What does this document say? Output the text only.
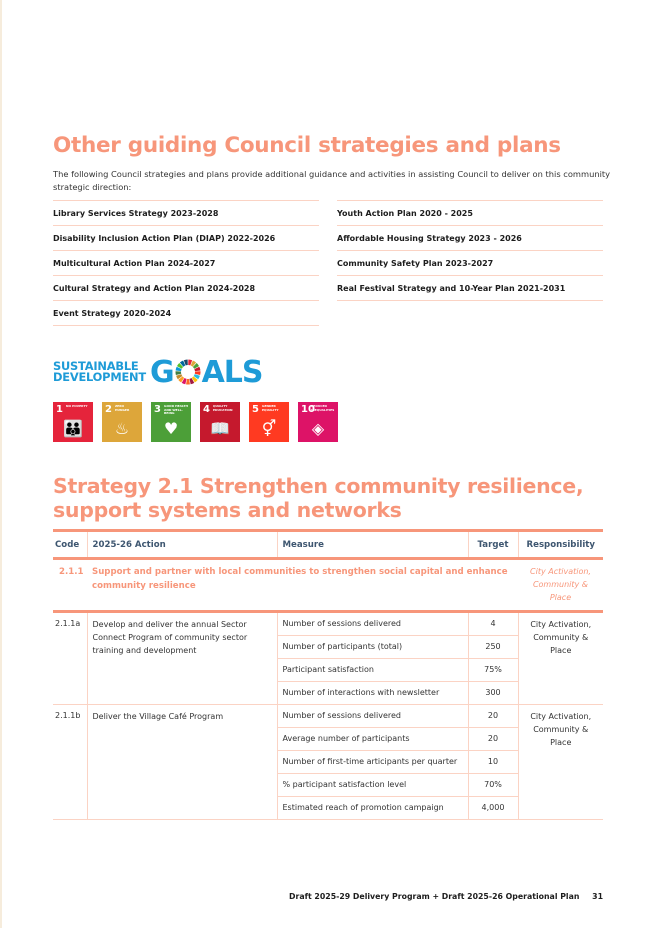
Other guiding Council strategies and plans

The following Council strategies and plans provide additional guidance and activities in assisting Council to deliver on this community strategic direction:

Library Services Strategy 2023-2028
Disability Inclusion Action Plan (DIAP) 2022-2026
Multicultural Action Plan 2024-2027
Cultural Strategy and Action Plan 2024-2028
Event Strategy 2020-2024
Youth Action Plan 2020 - 2025
Affordable Housing Strategy 2023 - 2026
Community Safety Plan 2023-2027
Real Festival Strategy and 10-Year Plan 2021-2031
SUSTAINABLE
DEVELOPMENT G ALS
1 NO POVERTY
👪
2 ZERO HUNGER
♨
3 GOOD HEALTH AND WELL-BEING
♥
4 QUALITY EDUCATION
📖
5 GENDER EQUALITY
⚥
10
REDUCED INEQUALITIES
◈
Strategy 2.1 Strengthen community resilience, support systems and networks
Code	2025-26 Action	Measure	Target	Responsibility
2.1.1	Support and partner with local communities to strengthen social capital and enhance community resilience			City Activation, Community & Place
2.1.1a	Develop and deliver the annual Sector Connect Program of community sector training and development	Number of sessions delivered	4	City Activation, Community & Place
		Number of participants (total)	250	
		Participant satisfaction	75%	
		Number of interactions with newsletter	300	
2.1.1b	Deliver the Village Café Program	Number of sessions delivered	20	City Activation, Community & Place
		Average number of participants	20	
		Number of first-time articipants per quarter	10	
		% participant satisfaction level	70%	
		Estimated reach of promotion campaign	4,000	
Draft 2025-29 Delivery Program + Draft 2025-26 Operational Plan 31
